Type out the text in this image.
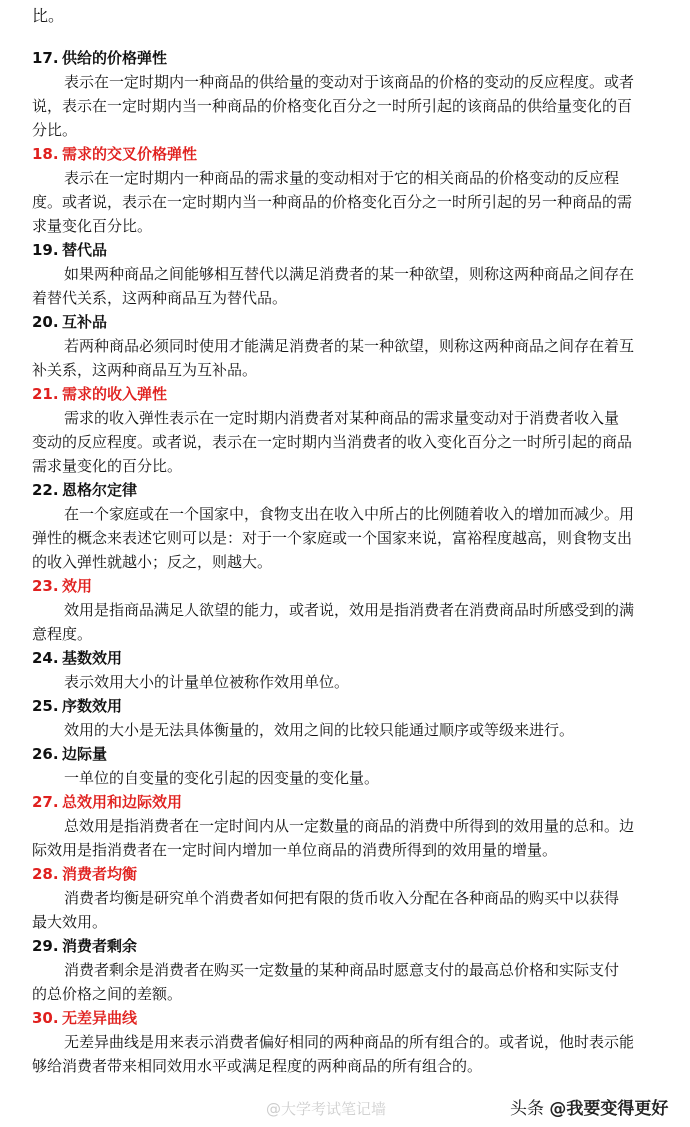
比。
17. 供给的价格弹性
表示在一定时期内一种商品的供给量的变动对于该商品的价格的变动的反应程度。或者
说，表示在一定时期内当一种商品的价格变化百分之一时所引起的该商品的供给量变化的百
分比。
18. 需求的交叉价格弹性
表示在一定时期内一种商品的需求量的变动相对于它的相关商品的价格变动的反应程
度。或者说，表示在一定时期内当一种商品的价格变化百分之一时所引起的另一种商品的需
求量变化百分比。
19. 替代品
如果两种商品之间能够相互替代以满足消费者的某一种欲望，则称这两种商品之间存在
着替代关系，这两种商品互为替代品。
20. 互补品
若两种商品必须同时使用才能满足消费者的某一种欲望，则称这两种商品之间存在着互
补关系，这两种商品互为互补品。
21. 需求的收入弹性
需求的收入弹性表示在一定时期内消费者对某种商品的需求量变动对于消费者收入量
变动的反应程度。或者说，表示在一定时期内当消费者的收入变化百分之一时所引起的商品
需求量变化的百分比。
22. 恩格尔定律
在一个家庭或在一个国家中，食物支出在收入中所占的比例随着收入的增加而减少。用
弹性的概念来表述它则可以是：对于一个家庭或一个国家来说，富裕程度越高，则食物支出
的收入弹性就越小；反之，则越大。
23. 效用
效用是指商品满足人欲望的能力，或者说，效用是指消费者在消费商品时所感受到的满
意程度。
24. 基数效用
表示效用大小的计量单位被称作效用单位。
25. 序数效用
效用的大小是无法具体衡量的，效用之间的比较只能通过顺序或等级来进行。
26. 边际量
一单位的自变量的变化引起的因变量的变化量。
27. 总效用和边际效用
总效用是指消费者在一定时间内从一定数量的商品的消费中所得到的效用量的总和。边
际效用是指消费者在一定时间内增加一单位商品的消费所得到的效用量的增量。
28. 消费者均衡
消费者均衡是研究单个消费者如何把有限的货币收入分配在各种商品的购买中以获得
最大效用。
29. 消费者剩余
消费者剩余是消费者在购买一定数量的某种商品时愿意支付的最高总价格和实际支付
的总价格之间的差额。
30. 无差异曲线
无差异曲线是用来表示消费者偏好相同的两种商品的所有组合的。或者说，他时表示能
够给消费者带来相同效用水平或满足程度的两种商品的所有组合的。
@大学考试笔记墙	头条 @我要变得更好
